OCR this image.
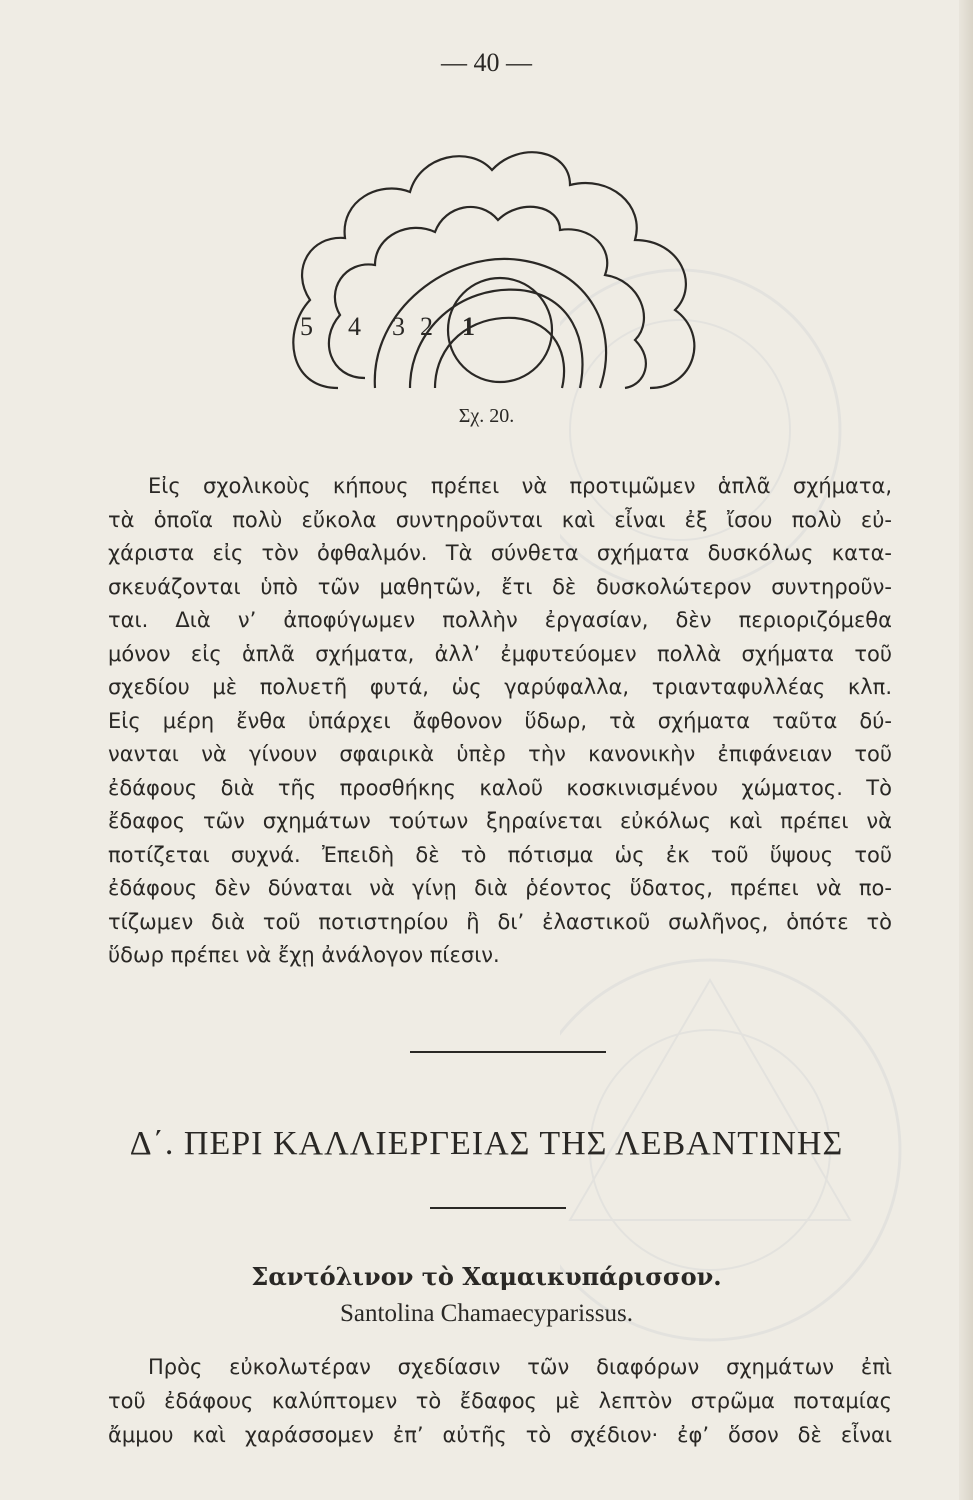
— 40 —
5 4 3 2 1
Σχ. 20.
Εἰς σχολικοὺς κήπους πρέπει νὰ προτιμῶμεν ἁπλᾶ σχήματα,
τὰ ὁποῖα πολὺ εὔκολα συντηροῦνται καὶ εἶναι ἐξ ἴσου πολὺ εὐ-
χάριστα εἰς τὸν ὀφθαλμόν. Τὰ σύνθετα σχήματα δυσκόλως κατα-
σκευάζονται ὑπὸ τῶν μαθητῶν, ἔτι δὲ δυσκολώτερον συντηροῦν-
ται. Διὰ ν’ ἀποφύγωμεν πολλὴν ἐργασίαν, δὲν περιοριζόμεθα
μόνον εἰς ἁπλᾶ σχήματα, ἀλλ’ ἐμφυτεύομεν πολλὰ σχήματα τοῦ
σχεδίου μὲ πολυετῆ φυτά, ὡς γαρύφαλλα, τριανταφυλλέας κλπ.
Εἰς μέρη ἔνθα ὑπάρχει ἄφθονον ὕδωρ, τὰ σχήματα ταῦτα δύ-
νανται νὰ γίνουν σφαιρικὰ ὑπὲρ τὴν κανονικὴν ἐπιφάνειαν τοῦ
ἐδάφους διὰ τῆς προσθήκης καλοῦ κοσκινισμένου χώματος. Τὸ
ἔδαφος τῶν σχημάτων τούτων ξηραίνεται εὐκόλως καὶ πρέπει νὰ
ποτίζεται συχνά. Ἐπειδὴ δὲ τὸ πότισμα ὡς ἐκ τοῦ ὕψους τοῦ
ἐδάφους δὲν δύναται νὰ γίνῃ διὰ ῥέοντος ὕδατος, πρέπει νὰ πο-
τίζωμεν διὰ τοῦ ποτιστηρίου ἢ δι’ ἐλαστικοῦ σωλῆνος, ὁπότε τὸ
ὕδωρ πρέπει νὰ ἔχῃ ἀνάλογον πίεσιν.
Δ΄. ΠΕΡΙ ΚΑΛΛΙΕΡΓΕΙΑΣ ΤΗΣ ΛΕΒΑΝΤΙΝΗΣ
Σαντόλινον τὸ Χαμαικυπάρισσον.
Santolina Chamaecyparissus.
Πρὸς εὐκολωτέραν σχεδίασιν τῶν διαφόρων σχημάτων ἐπὶ
τοῦ ἐδάφους καλύπτομεν τὸ ἔδαφος μὲ λεπτὸν στρῶμα ποταμίας
ἄμμου καὶ χαράσσομεν ἐπ’ αὐτῆς τὸ σχέδιον· ἐφ’ ὅσον δὲ εἶναι
